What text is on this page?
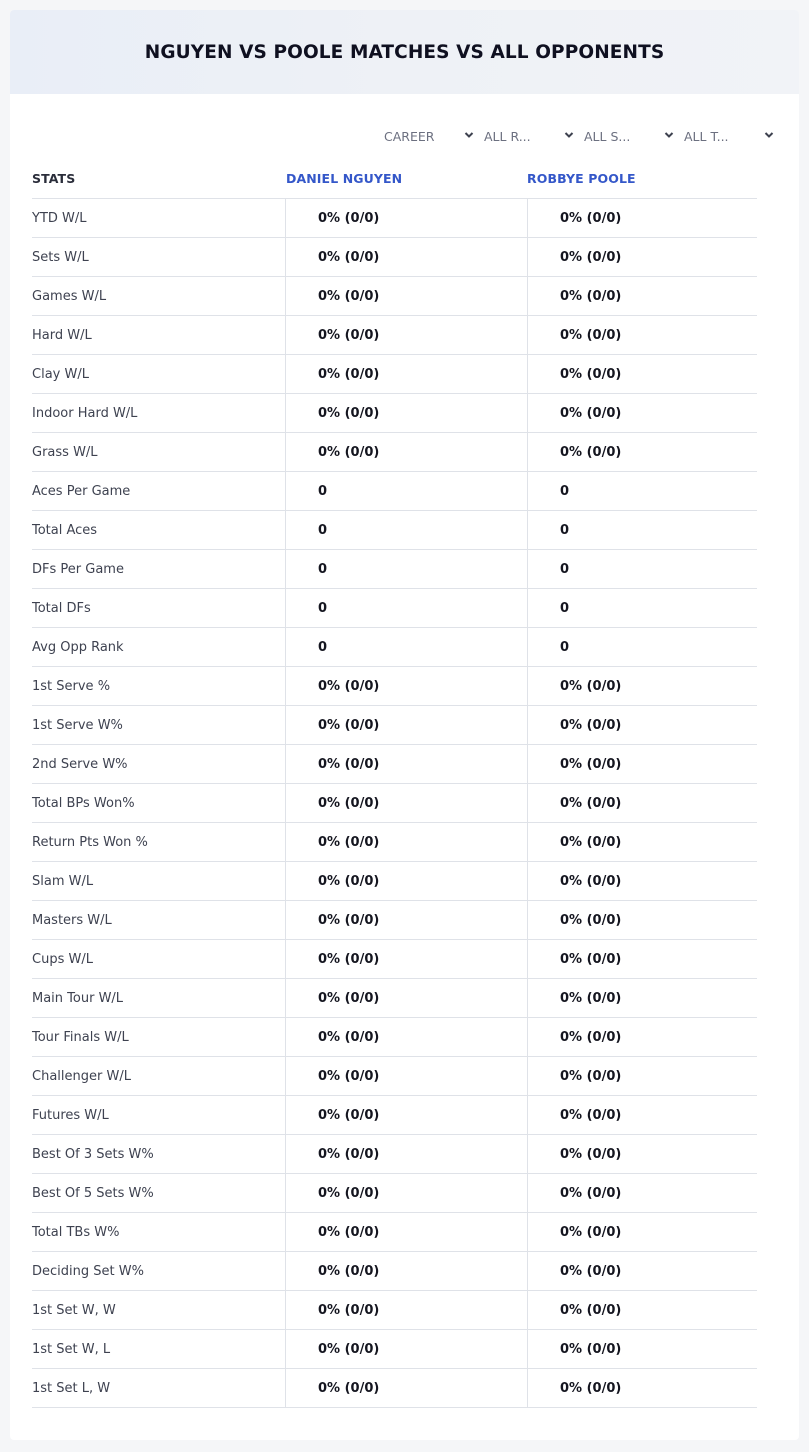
NGUYEN VS POOLE MATCHES VS ALL OPPONENTS
CAREER	ALL R...	ALL S...	ALL T...
STATS	DANIEL NGUYEN	ROBBYE POOLE
YTD W/L	0% (0/0)	0% (0/0)
Sets W/L	0% (0/0)	0% (0/0)
Games W/L	0% (0/0)	0% (0/0)
Hard W/L	0% (0/0)	0% (0/0)
Clay W/L	0% (0/0)	0% (0/0)
Indoor Hard W/L	0% (0/0)	0% (0/0)
Grass W/L	0% (0/0)	0% (0/0)
Aces Per Game	0	0
Total Aces	0	0
DFs Per Game	0	0
Total DFs	0	0
Avg Opp Rank	0	0
1st Serve %	0% (0/0)	0% (0/0)
1st Serve W%	0% (0/0)	0% (0/0)
2nd Serve W%	0% (0/0)	0% (0/0)
Total BPs Won%	0% (0/0)	0% (0/0)
Return Pts Won %	0% (0/0)	0% (0/0)
Slam W/L	0% (0/0)	0% (0/0)
Masters W/L	0% (0/0)	0% (0/0)
Cups W/L	0% (0/0)	0% (0/0)
Main Tour W/L	0% (0/0)	0% (0/0)
Tour Finals W/L	0% (0/0)	0% (0/0)
Challenger W/L	0% (0/0)	0% (0/0)
Futures W/L	0% (0/0)	0% (0/0)
Best Of 3 Sets W%	0% (0/0)	0% (0/0)
Best Of 5 Sets W%	0% (0/0)	0% (0/0)
Total TBs W%	0% (0/0)	0% (0/0)
Deciding Set W%	0% (0/0)	0% (0/0)
1st Set W, W	0% (0/0)	0% (0/0)
1st Set W, L	0% (0/0)	0% (0/0)
1st Set L, W	0% (0/0)	0% (0/0)
